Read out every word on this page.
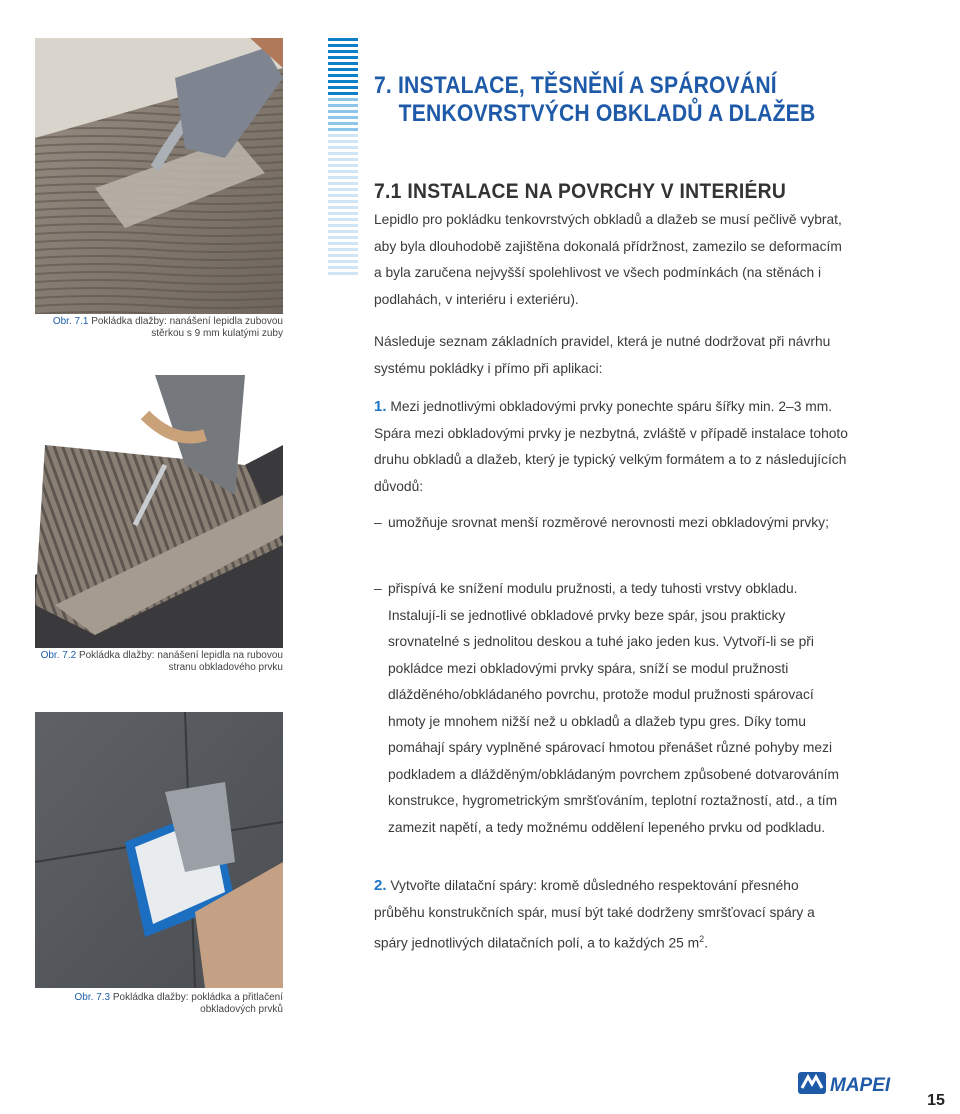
Obr. 7.1 Pokládka dlažby: nanášení lepidla zubovou stěrkou s 9 mm kulatými zuby
Obr. 7.2 Pokládka dlažby: nanášení lepidla na rubovou stranu obkladového prvku
Obr. 7.3 Pokládka dlažby: pokládka a přitlačení obkladových prvků
7. INSTALACE, TĚSNĚNÍ A SPÁROVÁNÍ
TENKOVRSTVÝCH OBKLADŮ A DLAŽEB
7.1 INSTALACE NA POVRCHY V INTERIÉRU
Lepidlo pro pokládku tenkovrstvých obkladů a dlažeb se musí pečlivě vybrat, aby byla dlouhodobě zajištěna dokonalá přídržnost, zamezilo se deformacím a byla zaručena nejvyšší spolehlivost ve všech podmínkách (na stěnách i podlahách, v interiéru i exteriéru).
Následuje seznam základních pravidel, která je nutné dodržovat při návrhu systému pokládky i přímo při aplikaci:
1. Mezi jednotlivými obkladovými prvky ponechte spáru šířky min. 2–3 mm. Spára mezi obkladovými prvky je nezbytná, zvláště v případě instalace tohoto druhu obkladů a dlažeb, který je typický velkým formátem a to z následujících důvodů:
– umožňuje srovnat menší rozměrové nerovnosti mezi obkladovými prvky;
– přispívá ke snížení modulu pružnosti, a tedy tuhosti vrstvy obkladu. Instalují-li se jednotlivé obkladové prvky beze spár, jsou prakticky srovnatelné s jednolitou deskou a tuhé jako jeden kus. Vytvoří-li se při pokládce mezi obkladovými prvky spára, sníží se modul pružnosti dlážděného/obkládaného povrchu, protože modul pružnosti spárovací hmoty je mnohem nižší než u obkladů a dlažeb typu gres. Díky tomu pomáhají spáry vyplněné spárovací hmotou přenášet různé pohyby mezi podkladem a dlážděným/obkládaným povrchem způsobené dotvarováním konstrukce, hygrometrickým smršťováním, teplotní roztažností, atd., a tím zamezit napětí, a tedy možnému oddělení lepeného prvku od podkladu.
2. Vytvořte dilatační spáry: kromě důsledného respektování přesného průběhu konstrukčních spár, musí být také dodrženy smršťovací spáry a spáry jednotlivých dilatačních polí, a to každých 25 $m^2$.
MAPEI
15
